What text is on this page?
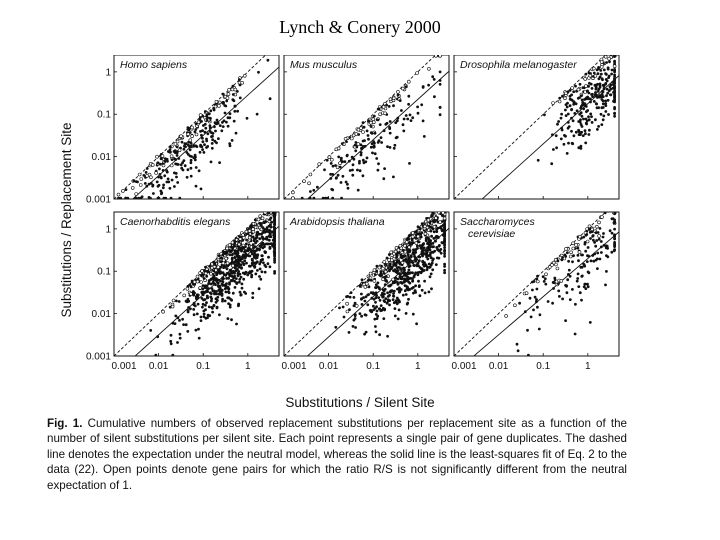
Lynch & Conery 2000
Homo sapiens
0.001
0.01
0.1
1
Mus musculus	Drosophila melanogaster
Caenorhabditis elegans
0.001
0.01
0.1
1
0.001 0.01	0.1	1
Arabidopsis thaliana
0.001 0.01	0.1	1
Saccharomyces cerevisiae
0.001 0.01	0.1	1
Substitutions / Replacement Site
Substitutions / Silent Site
Fig. 1. Cumulative numbers of observed replacement substitutions per replacement site as a function of the number of silent substitutions per silent site. Each point represents a single pair of gene duplicates. The dashed line denotes the expectation under the neutral model, whereas the solid line is the least-squares fit of Eq. 2 to the data (22). Open points denote gene pairs for which the ratio R/S is not significantly different from the neutral expectation of 1.
